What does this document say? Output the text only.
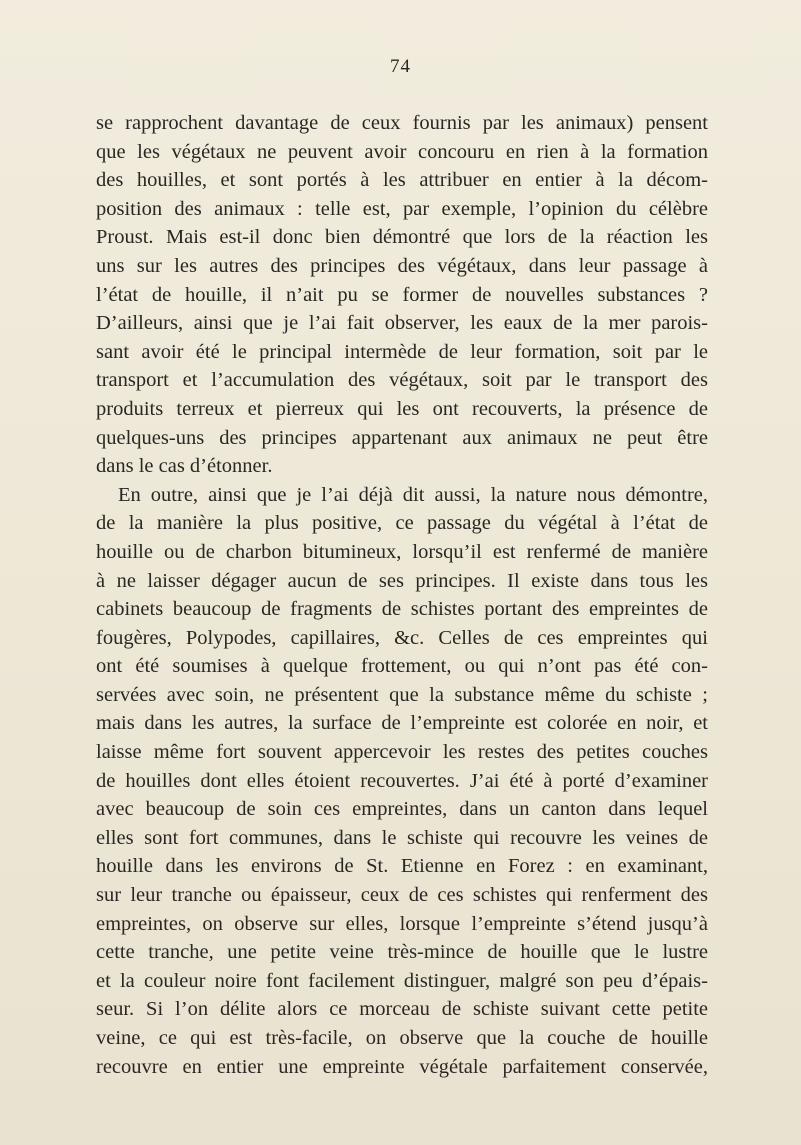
74
se rapprochent davantage de ceux fournis par les animaux) pensent
que les végétaux ne peuvent avoir concouru en rien à la formation
des houilles, et sont portés à les attribuer en entier à la décom-
position des animaux : telle est, par exemple, l’opinion du célèbre
Proust. Mais est-il donc bien démontré que lors de la réaction les
uns sur les autres des principes des végétaux, dans leur passage à
l’état de houille, il n’ait pu se former de nouvelles substances ?
D’ailleurs, ainsi que je l’ai fait observer, les eaux de la mer parois-
sant avoir été le principal intermède de leur formation, soit par le
transport et l’accumulation des végétaux, soit par le transport des
produits terreux et pierreux qui les ont recouverts, la présence de
quelques-uns des principes appartenant aux animaux ne peut être
dans le cas d’étonner.
En outre, ainsi que je l’ai déjà dit aussi, la nature nous démontre,
de la manière la plus positive, ce passage du végétal à l’état de
houille ou de charbon bitumineux, lorsqu’il est renfermé de manière
à ne laisser dégager aucun de ses principes. Il existe dans tous les
cabinets beaucoup de fragments de schistes portant des empreintes de
fougères, Polypodes, capillaires, &c. Celles de ces empreintes qui
ont été soumises à quelque frottement, ou qui n’ont pas été con-
servées avec soin, ne présentent que la substance même du schiste ;
mais dans les autres, la surface de l’empreinte est colorée en noir, et
laisse même fort souvent appercevoir les restes des petites couches
de houilles dont elles étoient recouvertes. J’ai été à porté d’examiner
avec beaucoup de soin ces empreintes, dans un canton dans lequel
elles sont fort communes, dans le schiste qui recouvre les veines de
houille dans les environs de St. Etienne en Forez : en examinant,
sur leur tranche ou épaisseur, ceux de ces schistes qui renferment des
empreintes, on observe sur elles, lorsque l’empreinte s’étend jusqu’à
cette tranche, une petite veine très-mince de houille que le lustre
et la couleur noire font facilement distinguer, malgré son peu d’épais-
seur. Si l’on délite alors ce morceau de schiste suivant cette petite
veine, ce qui est très-facile, on observe que la couche de houille
recouvre en entier une empreinte végétale parfaitement conservée,
